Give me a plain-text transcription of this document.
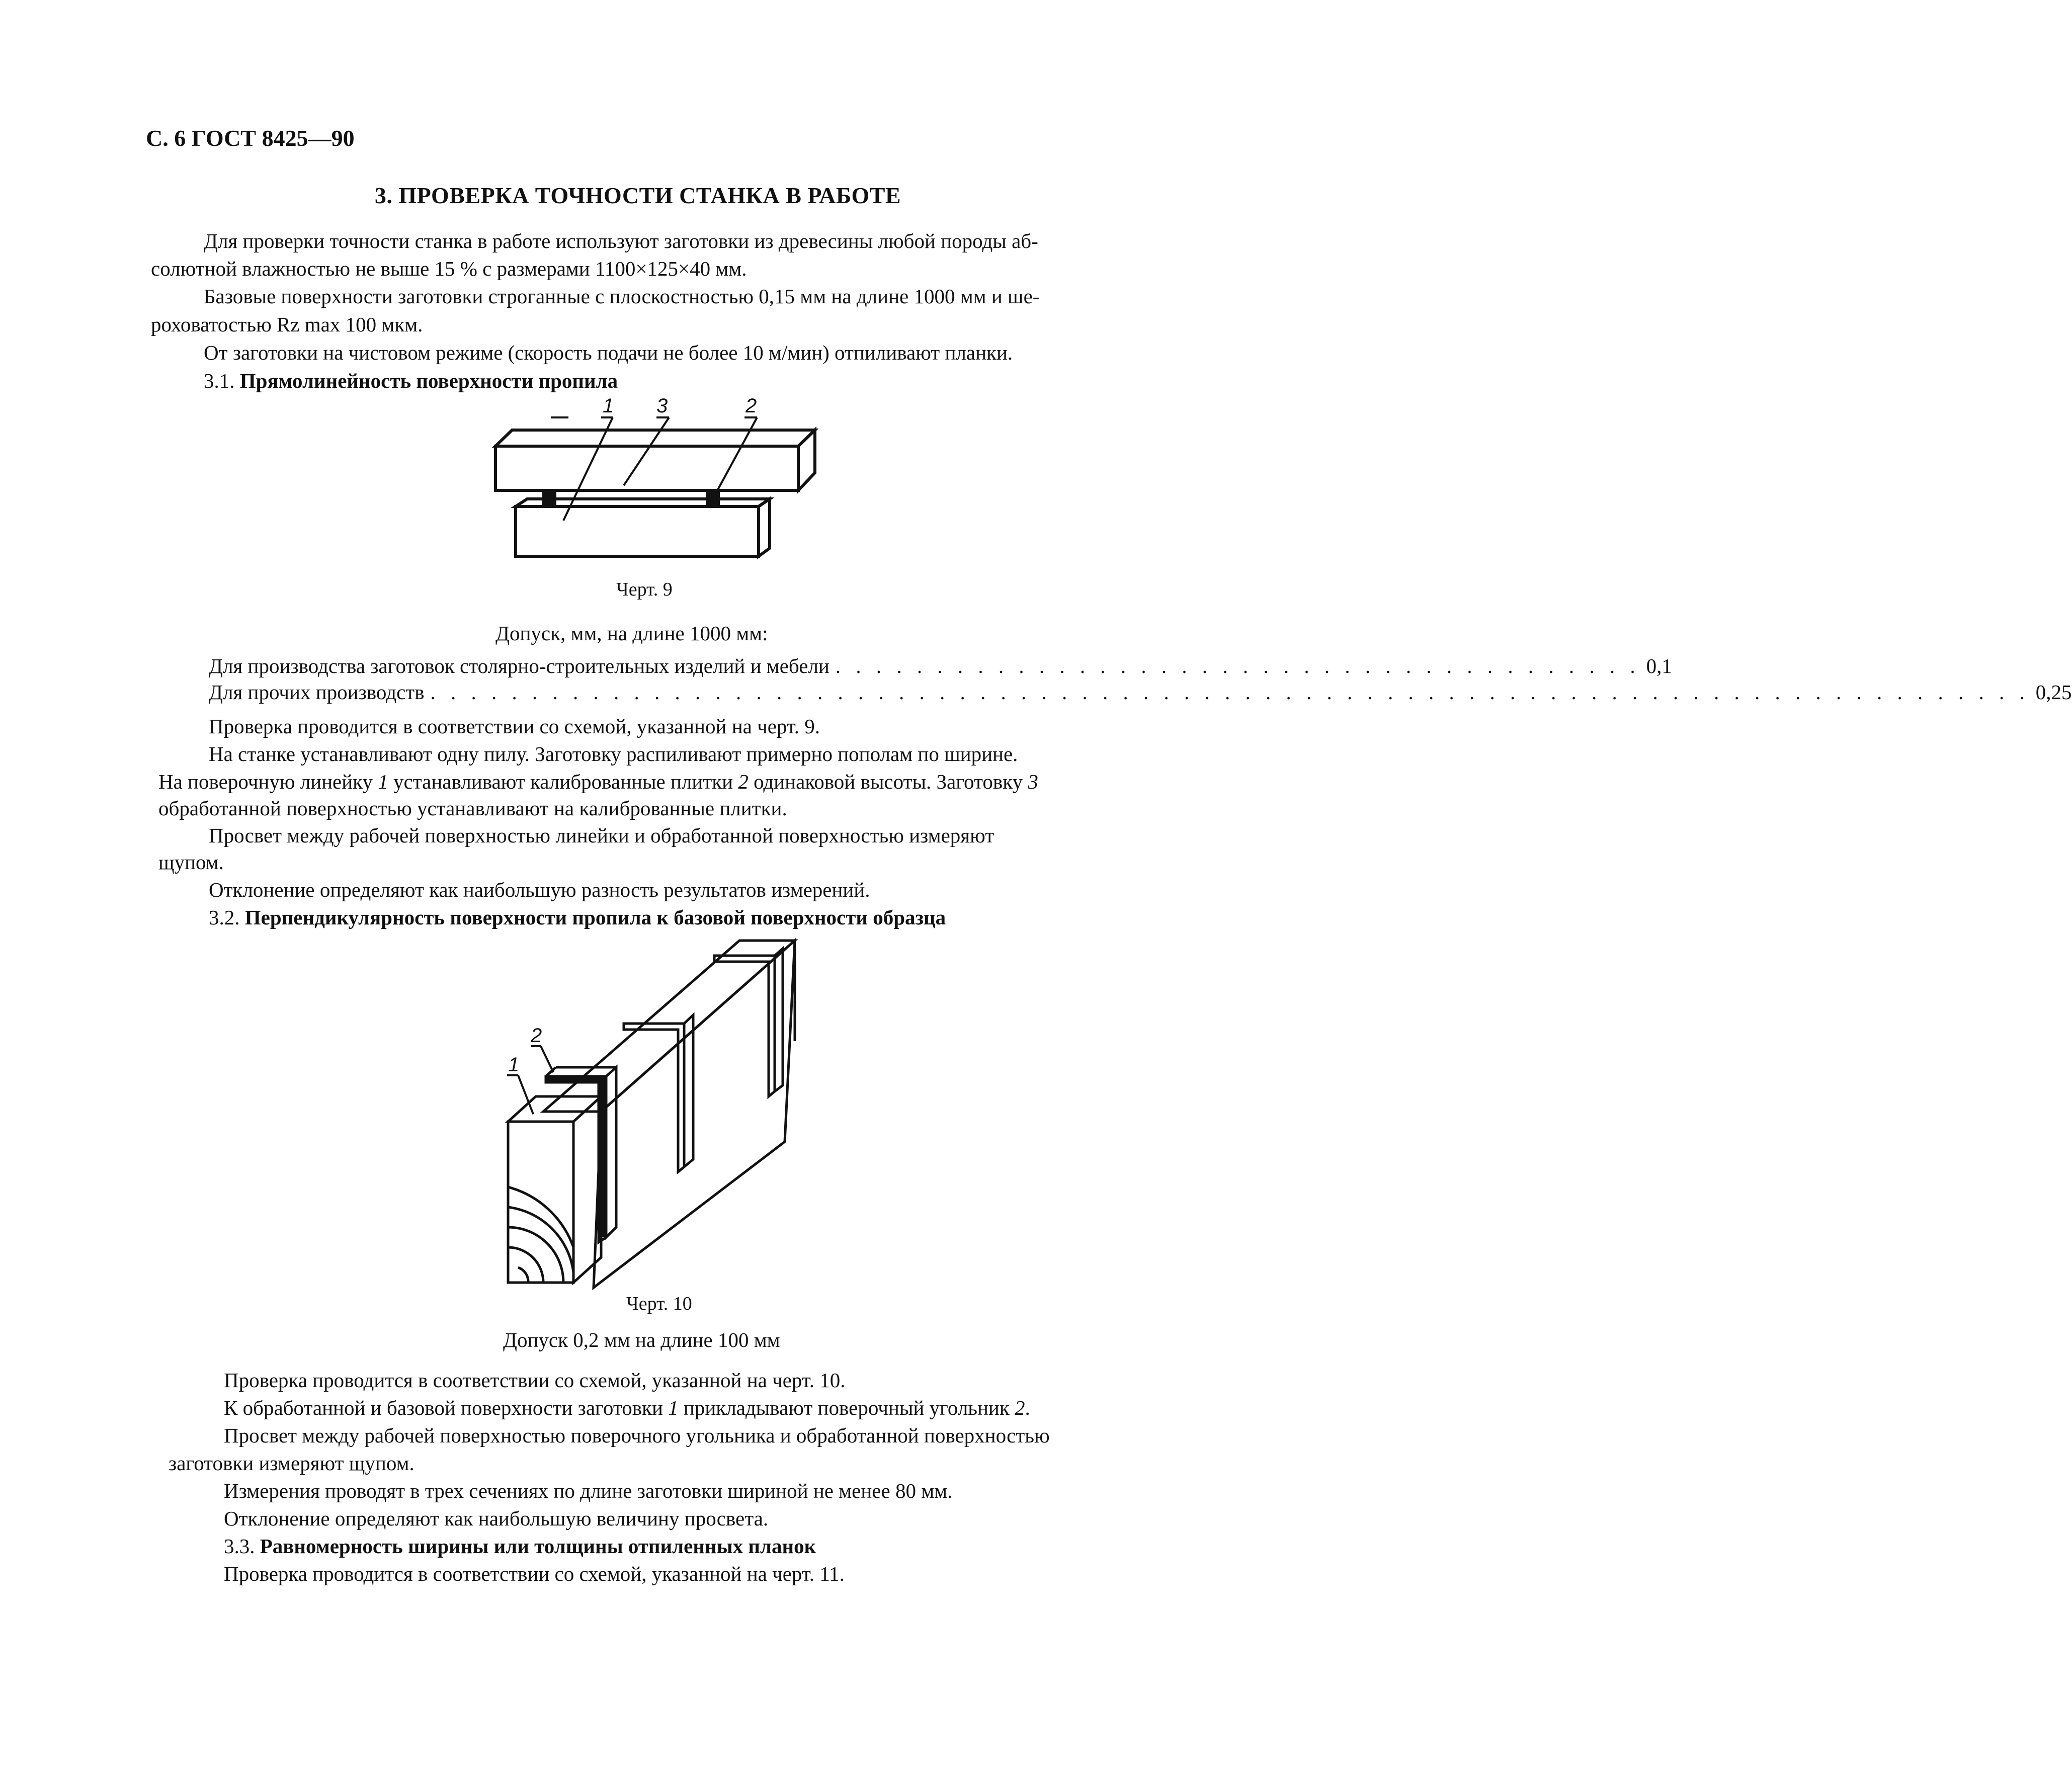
С. 6 ГОСТ 8425—90
3. ПРОВЕРКА ТОЧНОСТИ СТАНКА В РАБОТЕ
Для проверки точности станка в работе используют заготовки из древесины любой породы аб-
солютной влажностью не выше 15 % с размерами 1100×125×40 мм.
Базовые поверхности заготовки строганные с плоскостностью 0,15 мм на длине 1000 мм и ше-
роховатостью Rz max 100 мкм.
От заготовки на чистовом режиме (скорость подачи не более 10 м/мин) отпиливают планки.
3.1. Прямолинейность поверхности пропила
1 3	2
Черт. 9
Допуск, мм, на длине 1000 мм:
Для производства заготовок столярно-строительных изделий и мебели . . . . . . . . . . . . . . . . . . . . . . . . . . . . . . . . . . . . . . . . 0,1
Для прочих производств . . . . . . . . . . . . . . . . . . . . . . . . . . . . . . . . . . . . . . . . . . . . . . . . . . . . . . . . . . . . . . . . . . . . . . . . . . . . . . . 0,25
Проверка проводится в соответствии со схемой, указанной на черт. 9.
На станке устанавливают одну пилу. Заготовку распиливают примерно пополам по ширине.
На поверочную линейку 1 устанавливают калиброванные плитки 2 одинаковой высоты. Заготовку 3
обработанной поверхностью устанавливают на калиброванные плитки.
Просвет между рабочей поверхностью линейки и обработанной поверхностью измеряют
щупом.
Отклонение определяют как наибольшую разность результатов измерений.
3.2. Перпендикулярность поверхности пропила к базовой поверхности образца
2
1
Черт. 10
Допуск 0,2 мм на длине 100 мм
Проверка проводится в соответствии со схемой, указанной на черт. 10.
К обработанной и базовой поверхности заготовки 1 прикладывают поверочный угольник 2.
Просвет между рабочей поверхностью поверочного угольника и обработанной поверхностью
заготовки измеряют щупом.
Измерения проводят в трех сечениях по длине заготовки шириной не менее 80 мм.
Отклонение определяют как наибольшую величину просвета.
3.3. Равномерность ширины или толщины отпиленных планок
Проверка проводится в соответствии со схемой, указанной на черт. 11.
